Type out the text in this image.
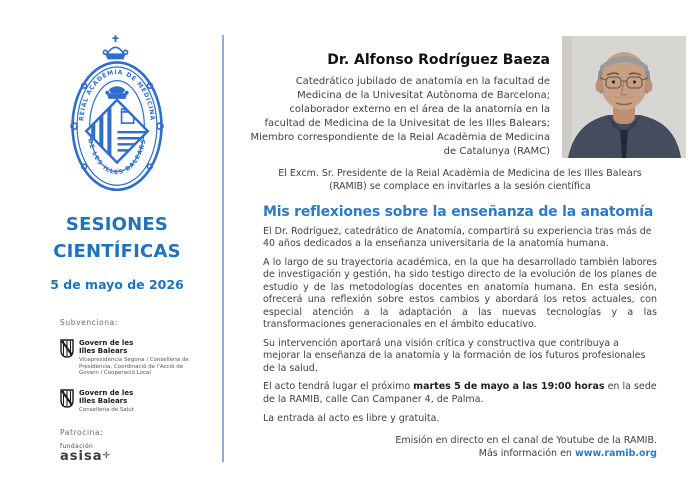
REIAL ACADÈMIA DE MEDICINA
DE LES ILLES BALEARS
SESIONES
CIENTÍFICAS
5 de mayo de 2026
Subvenciona:
Govern de les
Illes Balears
Vicepresidència Segona i Conselleria de Presidència, Coordinació de l'Acció de Govern i Cooperació Local
Govern de les
Illes Balears
Conselleria de Salut
Patrocina:
fundación
asisa✛
Dr. Alfonso Rodríguez Baeza
Catedrático jubilado de anatomía en la facultad de Medicina de la Univesitat Autònoma de Barcelona; colaborador externo en el área de la anatomía en la facultad de Medicina de la Univesitat de les Illes Balears; Miembro correspondiente de la Reial Acadèmia de Medicina de Catalunya (RAMC)
El Excm. Sr. Presidente de la Reial Acadèmia de Medicina de les Illes Balears (RAMIB) se complace en invitarles a la sesión científica
Mis reflexiones sobre la enseñanza de la anatomía

El Dr. Rodríguez, catedrático de Anatomía, compartirá su experiencia tras más de 40 años dedicados a la enseñanza universitaria de la anatomía humana.

A lo largo de su trayectoria académica, en la que ha desarrollado también labores de investigación y gestión, ha sido testigo directo de la evolución de los planes de estudio y de las metodologías docentes en anatomía humana. En esta sesión, ofrecerá una reflexión sobre estos cambios y abordará los retos actuales, con especial atención a la adaptación a las nuevas tecnologías y a las transformaciones generacionales en el ámbito educativo.

Su intervención aportará una visión crítica y constructiva que contribuya a mejorar la enseñanza de la anatomía y la formación de los futuros profesionales de la salud.

El acto tendrá lugar el próximo martes 5 de mayo a las 19:00 horas en la sede de la RAMIB, calle Can Campaner 4, de Palma.

La entrada al acto es libre y gratuita.

Emisión en directo en el canal de Youtube de la RAMIB.
Más información en www.ramib.org
